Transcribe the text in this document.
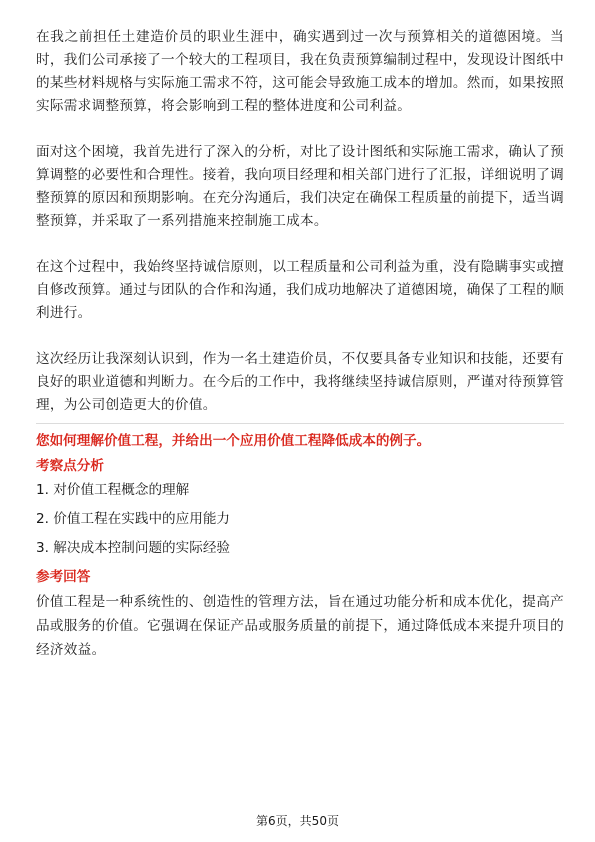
在我之前担任土建造价员的职业生涯中，确实遇到过一次与预算相关的道德困境。当时，我们公司承接了一个较大的工程项目，我在负责预算编制过程中，发现设计图纸中的某些材料规格与实际施工需求不符，这可能会导致施工成本的增加。然而，如果按照实际需求调整预算，将会影响到工程的整体进度和公司利益。

面对这个困境，我首先进行了深入的分析，对比了设计图纸和实际施工需求，确认了预算调整的必要性和合理性。接着，我向项目经理和相关部门进行了汇报，详细说明了调整预算的原因和预期影响。在充分沟通后，我们决定在确保工程质量的前提下，适当调整预算，并采取了一系列措施来控制施工成本。

在这个过程中，我始终坚持诚信原则，以工程质量和公司利益为重，没有隐瞒事实或擅自修改预算。通过与团队的合作和沟通，我们成功地解决了道德困境，确保了工程的顺利进行。

这次经历让我深刻认识到，作为一名土建造价员，不仅要具备专业知识和技能，还要有良好的职业道德和判断力。在今后的工作中，我将继续坚持诚信原则，严谨对待预算管理，为公司创造更大的价值。

您如何理解价值工程，并给出一个应用价值工程降低成本的例子。

考察点分析

1. 对价值工程概念的理解

2. 价值工程在实践中的应用能力

3. 解决成本控制问题的实际经验

参考回答

价值工程是一种系统性的、创造性的管理方法，旨在通过功能分析和成本优化，提高产品或服务的价值。它强调在保证产品或服务质量的前提下，通过降低成本来提升项目的经济效益。

第6页，共50页
